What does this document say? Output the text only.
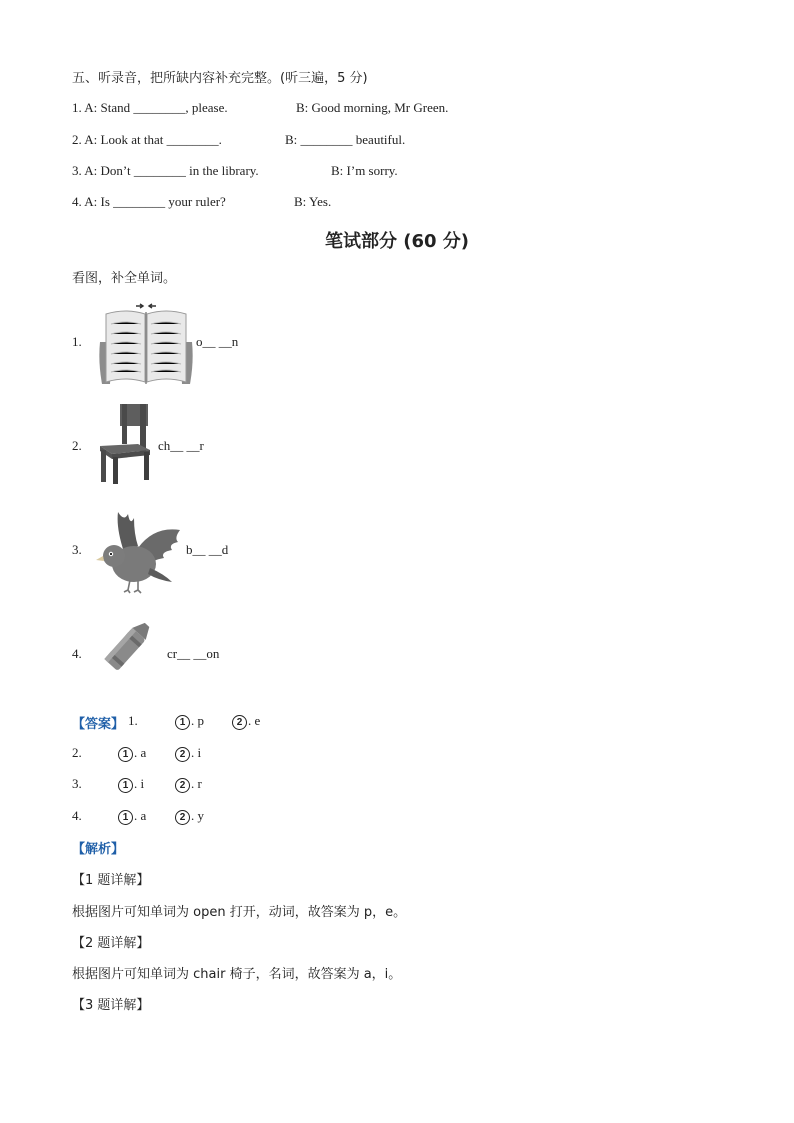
五、听录音，把所缺内容补充完整。(听三遍，5 分)
1. A: Stand ________, please.	B: Good morning, Mr Green.
2. A: Look at that ________.	B: ________ beautiful.
3. A: Don’t ________ in the library.	B: I’m sorry.
4. A: Is ________ your ruler?	B: Yes.
笔试部分 (60 分)
看图，补全单词。
1.	o__ __n
2.	ch__ __r
3.	b__ __d
4.	cr__ __on
【答案】 1.	1 . p	2 . e
2.	1 . a	2 . i
3.	1 . i	2 . r
4.	1 . a	2 . y
【解析】
【1 题详解】
根据图片可知单词为 open 打开，动词，故答案为 p，e。
【2 题详解】
根据图片可知单词为 chair 椅子，名词，故答案为 a，i。
【3 题详解】
